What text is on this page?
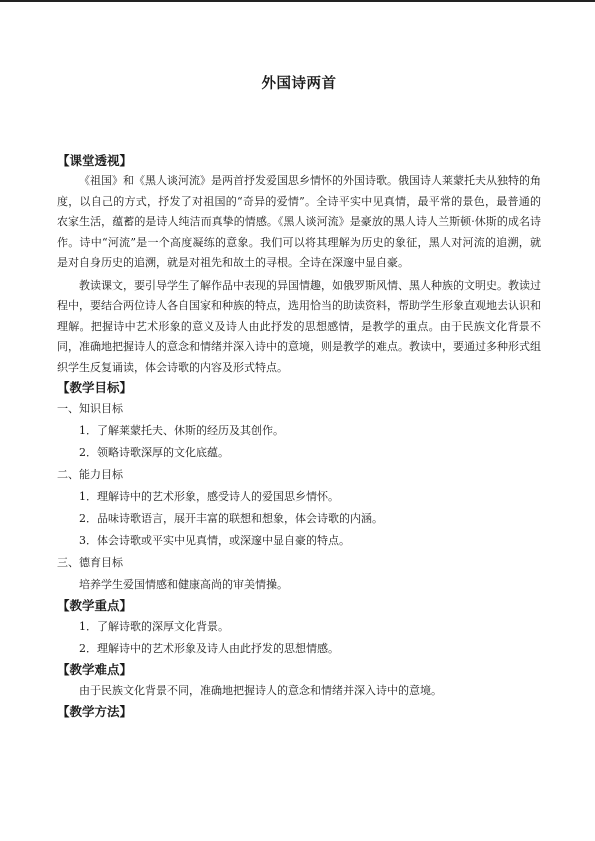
外国诗两首
【课堂透视】

《祖国》和《黑人谈河流》是两首抒发爱国思乡情怀的外国诗歌。俄国诗人莱蒙托夫从独特的角度，以自己的方式，抒发了对祖国的“奇异的爱情”。全诗平实中见真情，最平常的景色，最普通的农家生活，蕴蓄的是诗人纯洁而真挚的情感。《黑人谈河流》是豪放的黑人诗人兰斯顿·休斯的成名诗作。诗中“河流”是一个高度凝练的意象。我们可以将其理解为历史的象征，黑人对河流的追溯，就是对自身历史的追溯，就是对祖先和故土的寻根。全诗在深邃中显自豪。

教读课文，要引导学生了解作品中表现的异国情趣，如俄罗斯风情、黑人种族的文明史。教读过程中，要结合两位诗人各自国家和种族的特点，选用恰当的助读资料，帮助学生形象直观地去认识和理解。把握诗中艺术形象的意义及诗人由此抒发的思想感情，是教学的重点。由于民族文化背景不同，准确地把握诗人的意念和情绪并深入诗中的意境，则是教学的难点。教读中，要通过多种形式组织学生反复诵读，体会诗歌的内容及形式特点。

【教学目标】

一、知识目标

1．了解莱蒙托夫、休斯的经历及其创作。

2．领略诗歌深厚的文化底蕴。

二、能力目标

1．理解诗中的艺术形象，感受诗人的爱国思乡情怀。

2．品味诗歌语言，展开丰富的联想和想象，体会诗歌的内涵。

3．体会诗歌或平实中见真情，或深邃中显自豪的特点。

三、德育目标

培养学生爱国情感和健康高尚的审美情操。

【教学重点】

1．了解诗歌的深厚文化背景。

2．理解诗中的艺术形象及诗人由此抒发的思想情感。

【教学难点】

由于民族文化背景不同，准确地把握诗人的意念和情绪并深入诗中的意境。

【教学方法】
